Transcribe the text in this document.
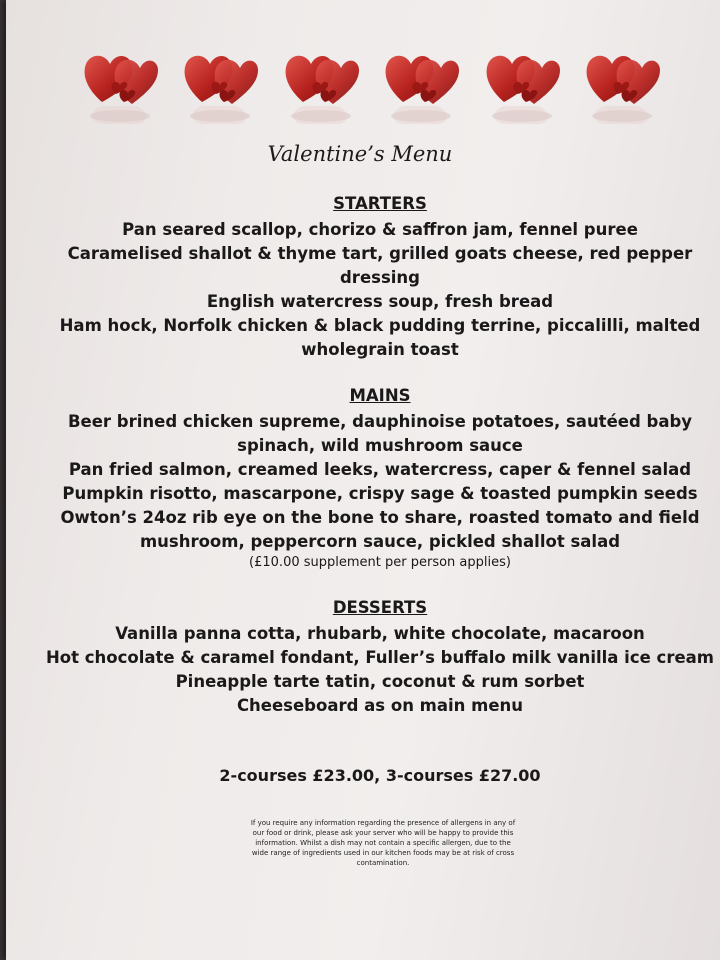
Valentine’s Menu
STARTERS
Pan seared scallop, chorizo & saffron jam, fennel puree
Caramelised shallot & thyme tart, grilled goats cheese, red pepper dressing
English watercress soup, fresh bread
Ham hock, Norfolk chicken & black pudding terrine, piccalilli, malted wholegrain toast
MAINS
Beer brined chicken supreme, dauphinoise potatoes, sautéed baby spinach, wild mushroom sauce
Pan fried salmon, creamed leeks, watercress, caper & fennel salad
Pumpkin risotto, mascarpone, crispy sage & toasted pumpkin seeds
Owton’s 24oz rib eye on the bone to share, roasted tomato and field mushroom, peppercorn sauce, pickled shallot salad
(£10.00 supplement per person applies)
DESSERTS
Vanilla panna cotta, rhubarb, white chocolate, macaroon
Hot chocolate & caramel fondant, Fuller’s buffalo milk vanilla ice cream
Pineapple tarte tatin, coconut & rum sorbet
Cheeseboard as on main menu
2-courses £23.00, 3-courses £27.00
If you require any information regarding the presence of allergens in any of our food or drink, please ask your server who will be happy to provide this information. Whilst a dish may not contain a specific allergen, due to the wide range of ingredients used in our kitchen foods may be at risk of cross contamination.
